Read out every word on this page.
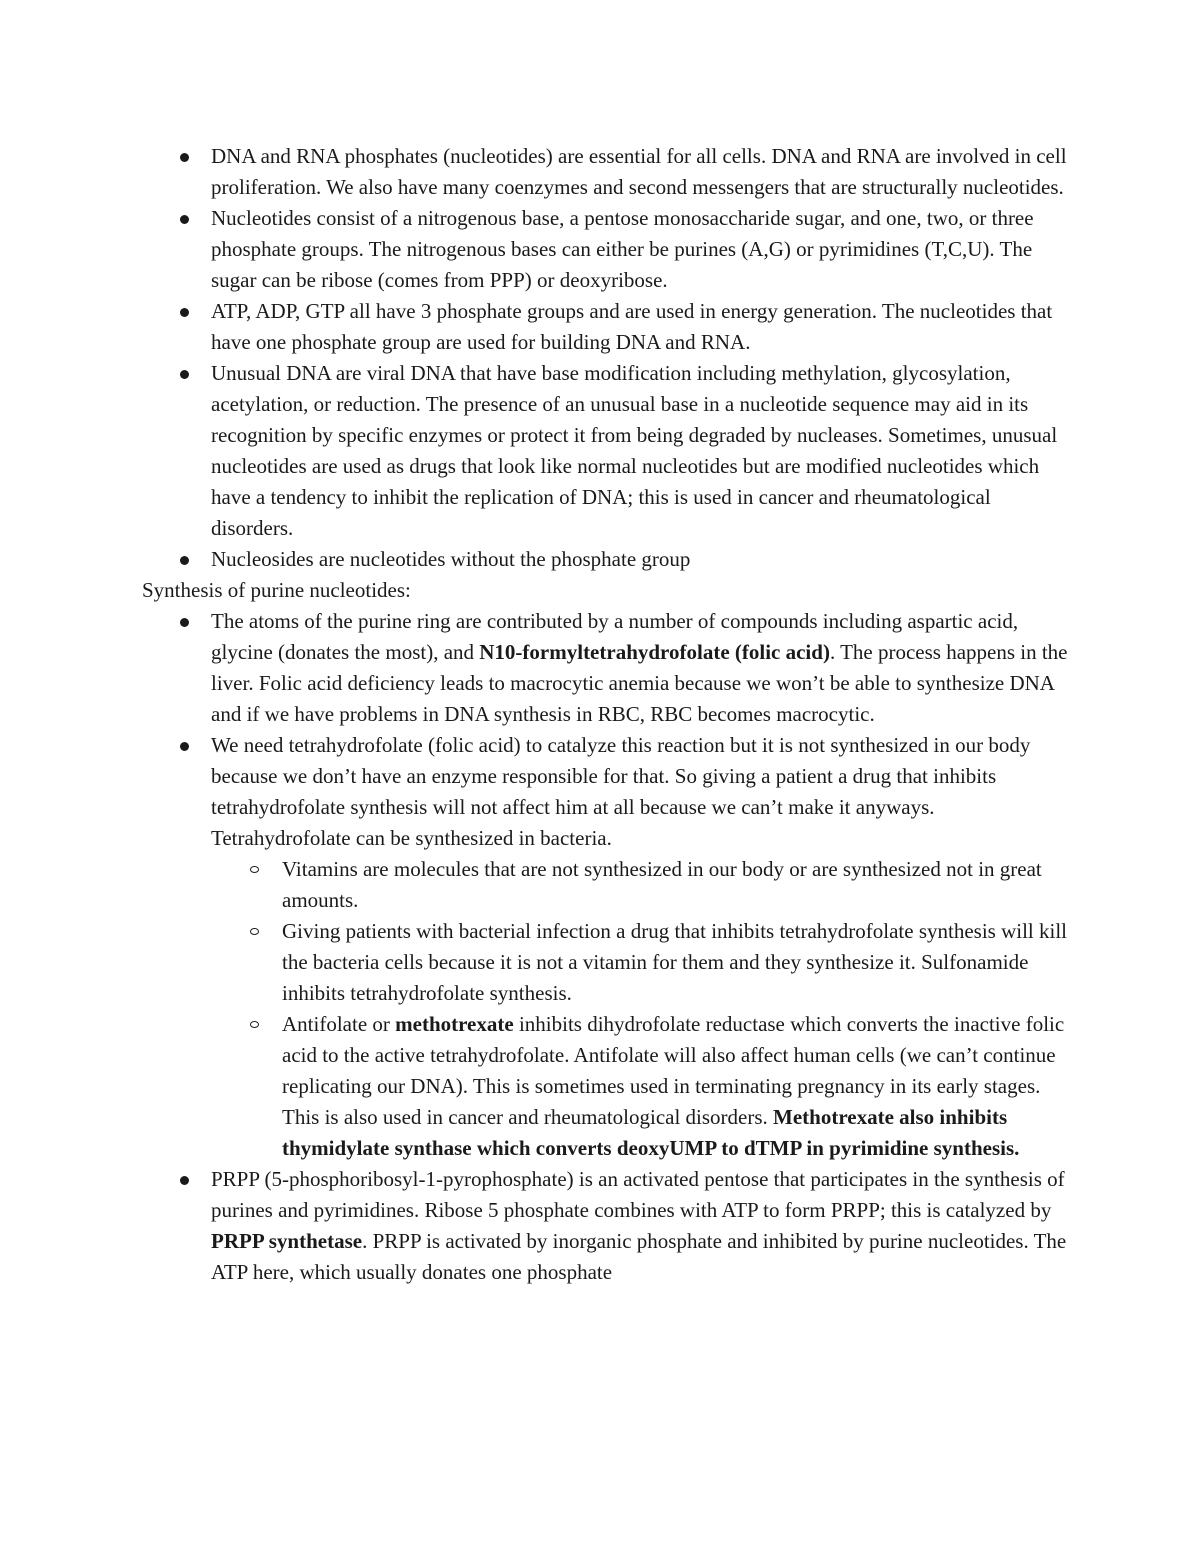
DNA and RNA phosphates (nucleotides) are essential for all cells. DNA and RNA are involved in cell proliferation. We also have many coenzymes and second messengers that are structurally nucleotides.
Nucleotides consist of a nitrogenous base, a pentose monosaccharide sugar, and one, two, or three phosphate groups. The nitrogenous bases can either be purines (A,G) or pyrimidines (T,C,U). The sugar can be ribose (comes from PPP) or deoxyribose.
ATP, ADP, GTP all have 3 phosphate groups and are used in energy generation. The nucleotides that have one phosphate group are used for building DNA and RNA.
Unusual DNA are viral DNA that have base modification including methylation, glycosylation, acetylation, or reduction. The presence of an unusual base in a nucleotide sequence may aid in its recognition by specific enzymes or protect it from being degraded by nucleases. Sometimes, unusual nucleotides are used as drugs that look like normal nucleotides but are modified nucleotides which have a tendency to inhibit the replication of DNA; this is used in cancer and rheumatological disorders.
Nucleosides are nucleotides without the phosphate group
Synthesis of purine nucleotides:
The atoms of the purine ring are contributed by a number of compounds including aspartic acid, glycine (donates the most), and N10-formyltetrahydrofolate (folic acid). The process happens in the liver. Folic acid deficiency leads to macrocytic anemia because we won’t be able to synthesize DNA and if we have problems in DNA synthesis in RBC, RBC becomes macrocytic.
We need tetrahydrofolate (folic acid) to catalyze this reaction but it is not synthesized in our body because we don’t have an enzyme responsible for that. So giving a patient a drug that inhibits tetrahydrofolate synthesis will not affect him at all because we can’t make it anyways. Tetrahydrofolate can be synthesized in bacteria.
Vitamins are molecules that are not synthesized in our body or are synthesized not in great amounts.
Giving patients with bacterial infection a drug that inhibits tetrahydrofolate synthesis will kill the bacteria cells because it is not a vitamin for them and they synthesize it. Sulfonamide inhibits tetrahydrofolate synthesis.
Antifolate or methotrexate inhibits dihydrofolate reductase which converts the inactive folic acid to the active tetrahydrofolate. Antifolate will also affect human cells (we can’t continue replicating our DNA). This is sometimes used in terminating pregnancy in its early stages. This is also used in cancer and rheumatological disorders. Methotrexate also inhibits thymidylate synthase which converts deoxyUMP to dTMP in pyrimidine synthesis.
PRPP (5-phosphoribosyl-1-pyrophosphate) is an activated pentose that participates in the synthesis of purines and pyrimidines. Ribose 5 phosphate combines with ATP to form PRPP; this is catalyzed by PRPP synthetase. PRPP is activated by inorganic phosphate and inhibited by purine nucleotides. The ATP here, which usually donates one phosphate
